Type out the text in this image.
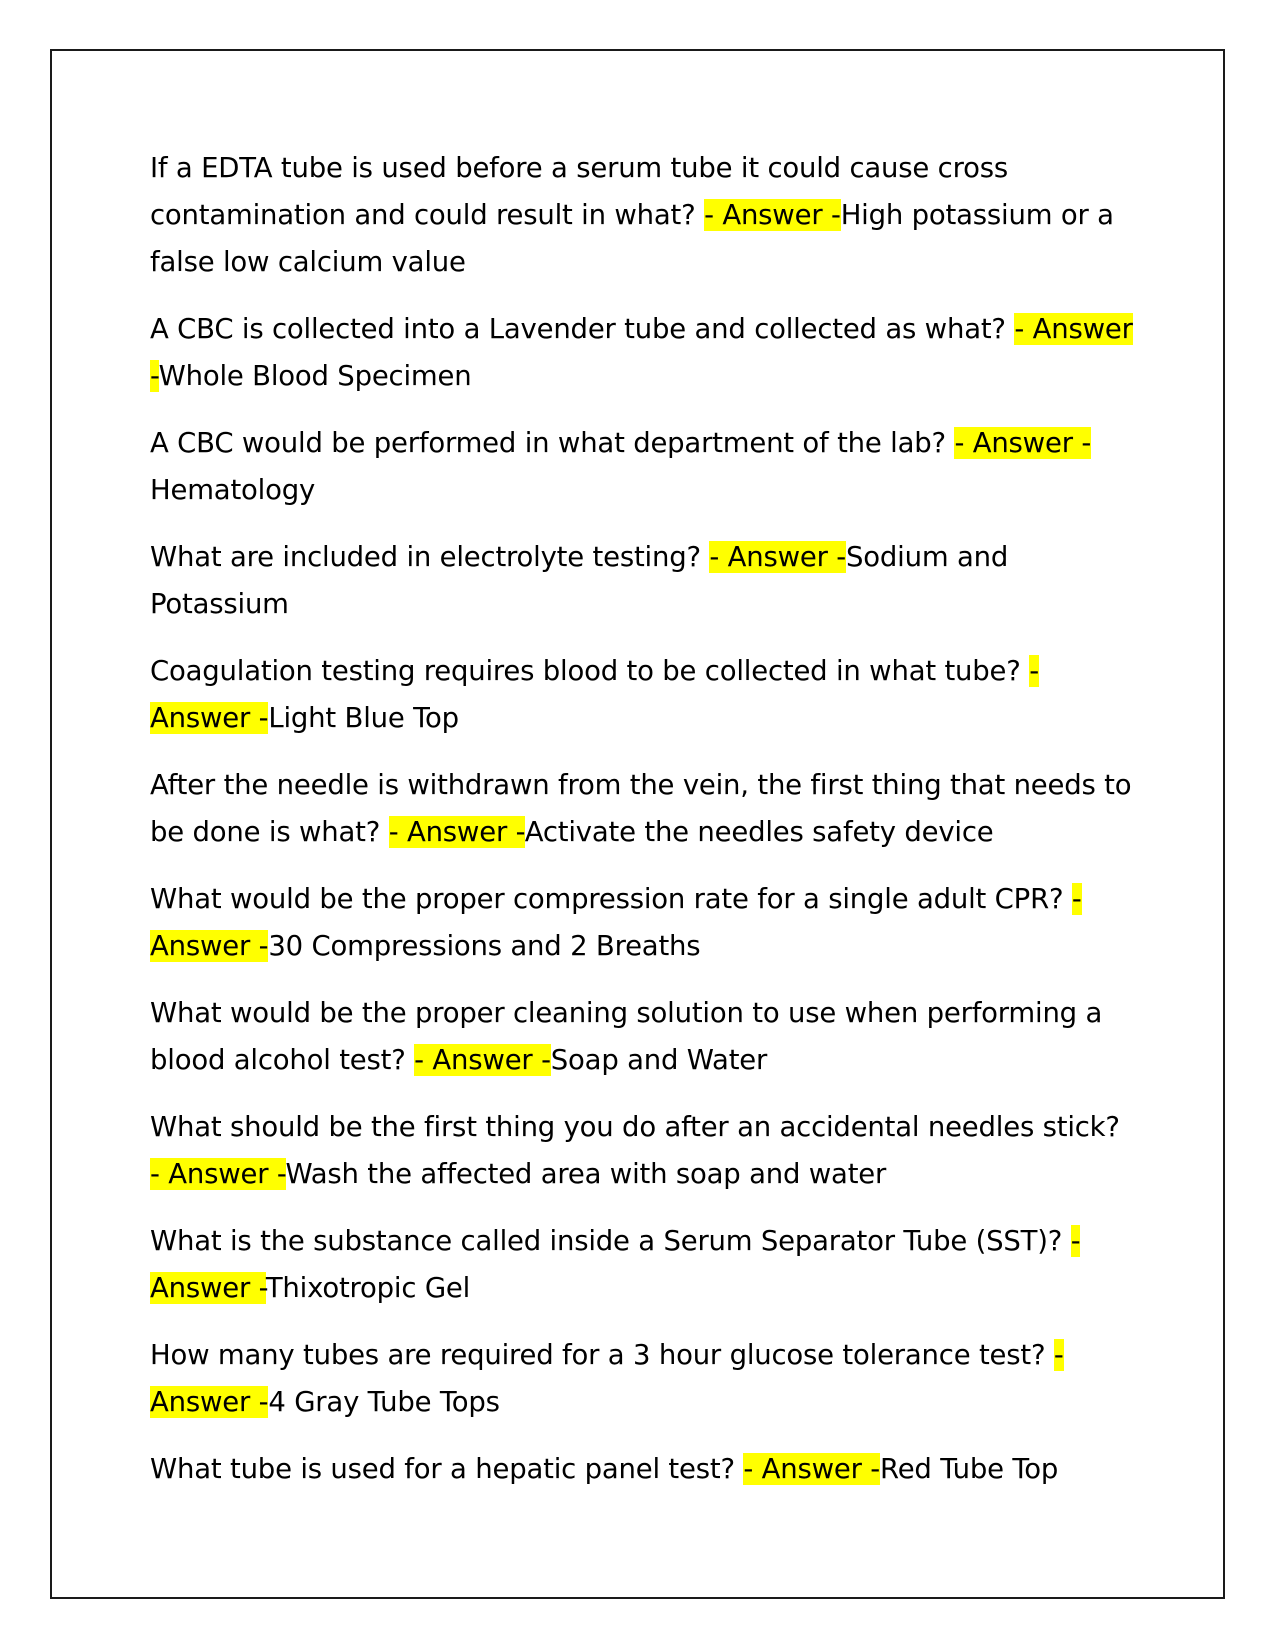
If a EDTA tube is used before a serum tube it could cause cross contamination and could result in what? - Answer -High potassium or a false low calcium value

A CBC is collected into a Lavender tube and collected as what? - Answer -Whole Blood Specimen

A CBC would be performed in what department of the lab? - Answer -Hematology

What are included in electrolyte testing? - Answer -Sodium and Potassium

Coagulation testing requires blood to be collected in what tube? - Answer -Light Blue Top

After the needle is withdrawn from the vein, the first thing that needs to be done is what? - Answer -Activate the needles safety device

What would be the proper compression rate for a single adult CPR? - Answer -30 Compressions and 2 Breaths

What would be the proper cleaning solution to use when performing a blood alcohol test? - Answer -Soap and Water

What should be the first thing you do after an accidental needles stick? - Answer -Wash the affected area with soap and water

What is the substance called inside a Serum Separator Tube (SST)? - Answer -Thixotropic Gel

How many tubes are required for a 3 hour glucose tolerance test? - Answer -4 Gray Tube Tops

What tube is used for a hepatic panel test? - Answer -Red Tube Top
